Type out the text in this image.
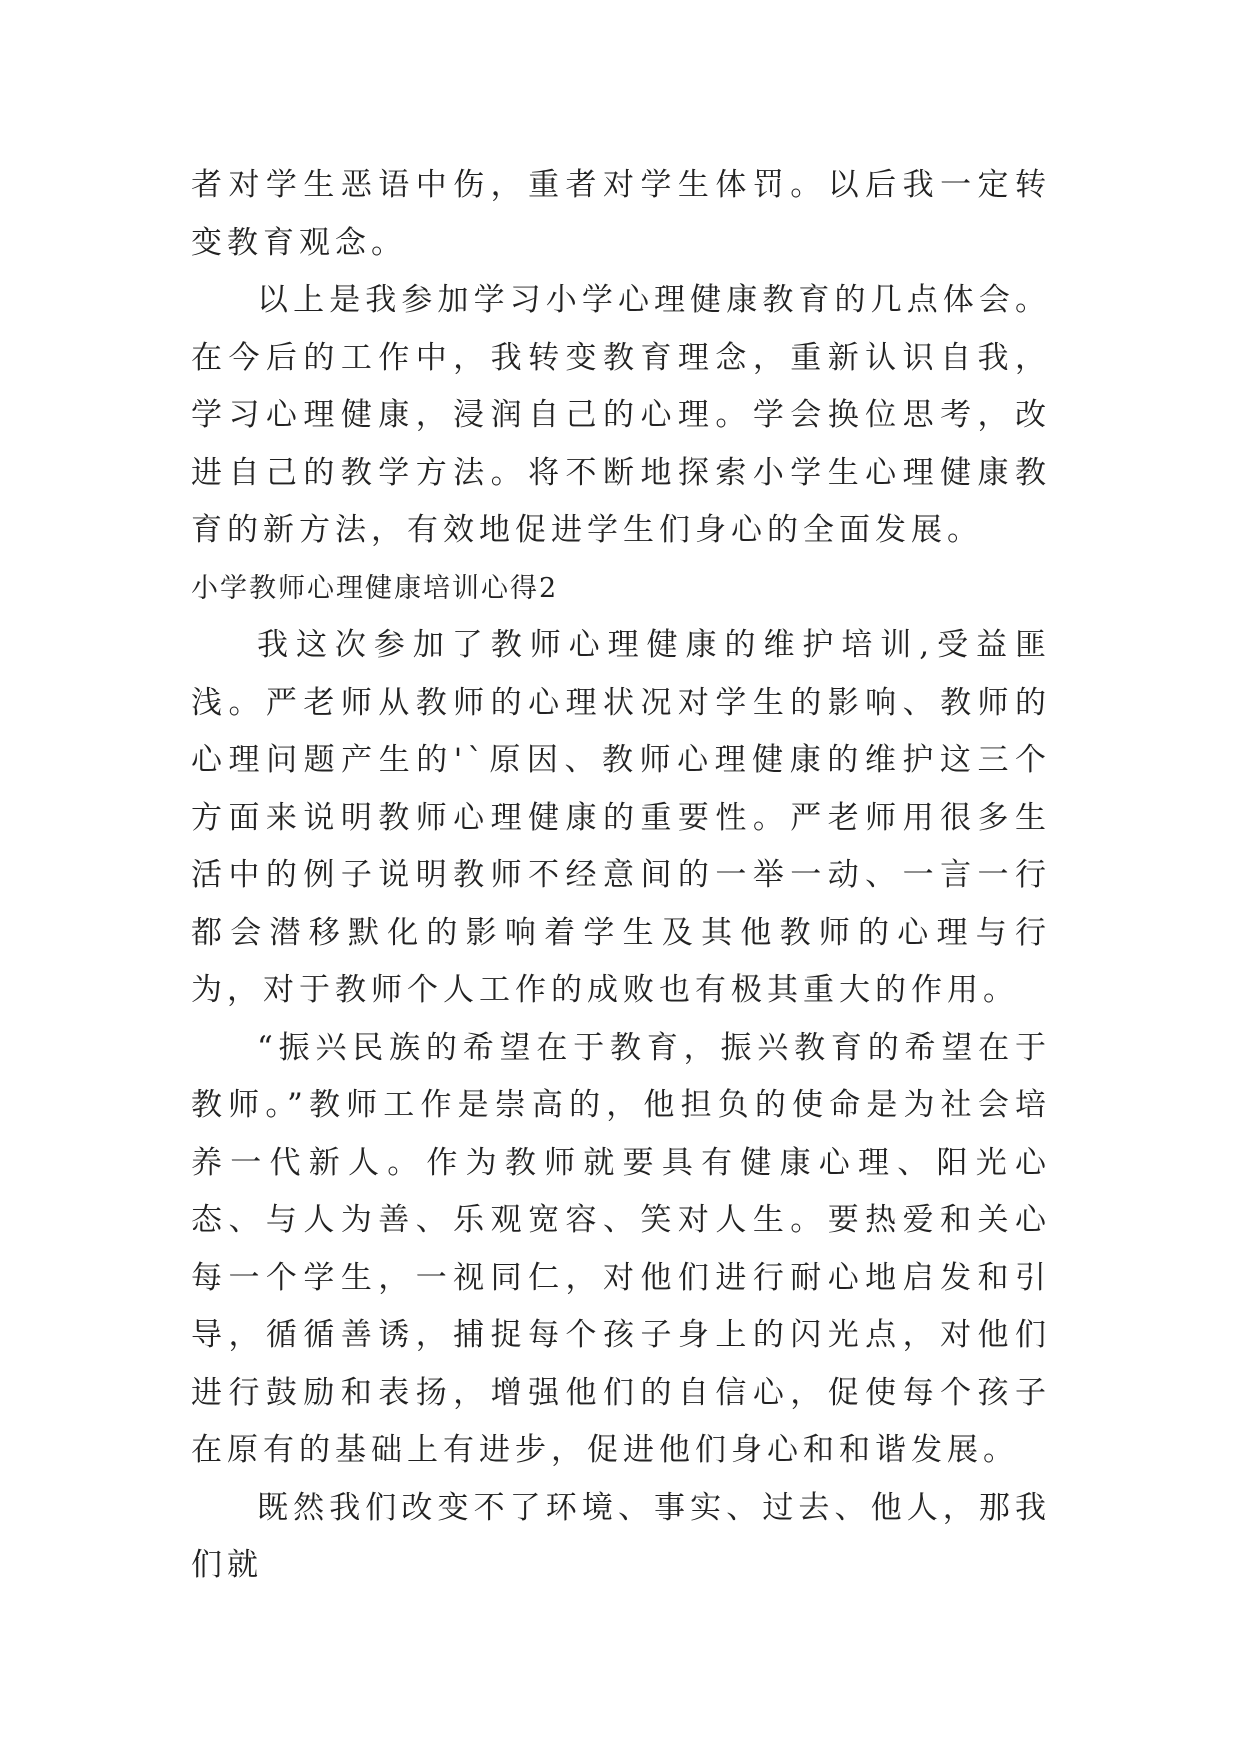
者对学生恶语中伤，重者对学生体罚。以后我一定转变教育观念。

以上是我参加学习小学心理健康教育的几点体会。在今后的工作中，我转变教育理念，重新认识自我， 学习心理健康，浸润自己的心理。学会换位思考，改进自己的教学方法。将不断地探索小学生心理健康教育的新方法，有效地促进学生们身心的全面发展。

小学教师心理健康培训心得2

我这次参加了教师心理健康的维护培训,受益匪浅。严老师从教师的心理状况对学生的影响、教师的心理问题产生的'`原因、教师心理健康的维护这三个方面来说明教师心理健康的重要性。严老师用很多生活中的例子说明教师不经意间的一举一动、一言一行都会潜移默化的影响着学生及其他教师的心理与行为，对于教师个人工作的成败也有极其重大的作用。

“振兴民族的希望在于教育，振兴教育的希望在于教师。”教师工作是崇高的，他担负的使命是为社会培养一代新人。作为教师就要具有健康心理、阳光心态、与人为善、乐观宽容、笑对人生。要热爱和关心每一个学生，一视同仁，对他们进行耐心地启发和引导，循循善诱，捕捉每个孩子身上的闪光点，对他们进行鼓励和表扬，增强他们的自信心，促使每个孩子在原有的基础上有进步，促进他们身心和和谐发展。

既然我们改变不了环境、事实、过去、他人，那我们就
